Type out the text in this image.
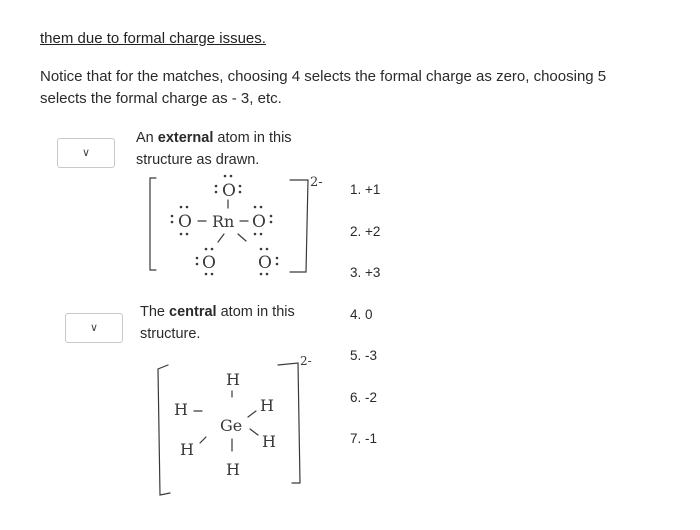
them due to formal charge issues.
Notice that for the matches, choosing 4 selects the formal charge as zero, choosing 5 selects the formal charge as - 3, etc.
∨
An external atom in this structure as drawn.
2-
O
O Rn O
O O
∨
The central atom in this structure.
2-
H
H
Ge
H
H
H
H
1. +1
2. +2
3. +3
4. 0
5. -3
6. -2
7. -1
